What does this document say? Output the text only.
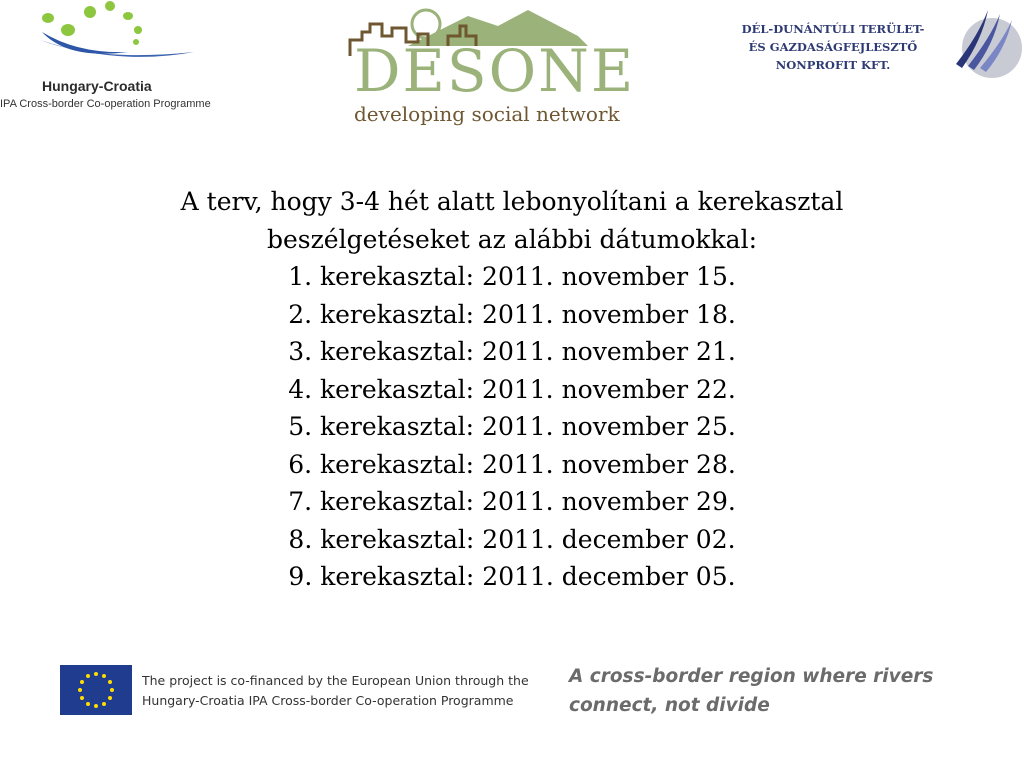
Hungary-Croatia
IPA Cross-border Co-operation Programme DESONE
developing social network
DÉL-DUNÁNTÚLI TERÜLET-
ÉS GAZDASÁGFEJLESZTŐ
NONPROFIT KFT.
A terv, hogy 3-4 hét alatt lebonyolítani a kerekasztal
beszélgetéseket az alábbi dátumokkal:
1. kerekasztal: 2011. november 15.
2. kerekasztal: 2011. november 18.
3. kerekasztal: 2011. november 21.
4. kerekasztal: 2011. november 22.
5. kerekasztal: 2011. november 25.
6. kerekasztal: 2011. november 28.
7. kerekasztal: 2011. november 29.
8. kerekasztal: 2011. december 02.
9. kerekasztal: 2011. december 05.
The project is co-financed by the European Union through the
Hungary-Croatia IPA Cross-border Co-operation Programme
A cross-border region where rivers
connect, not divide
